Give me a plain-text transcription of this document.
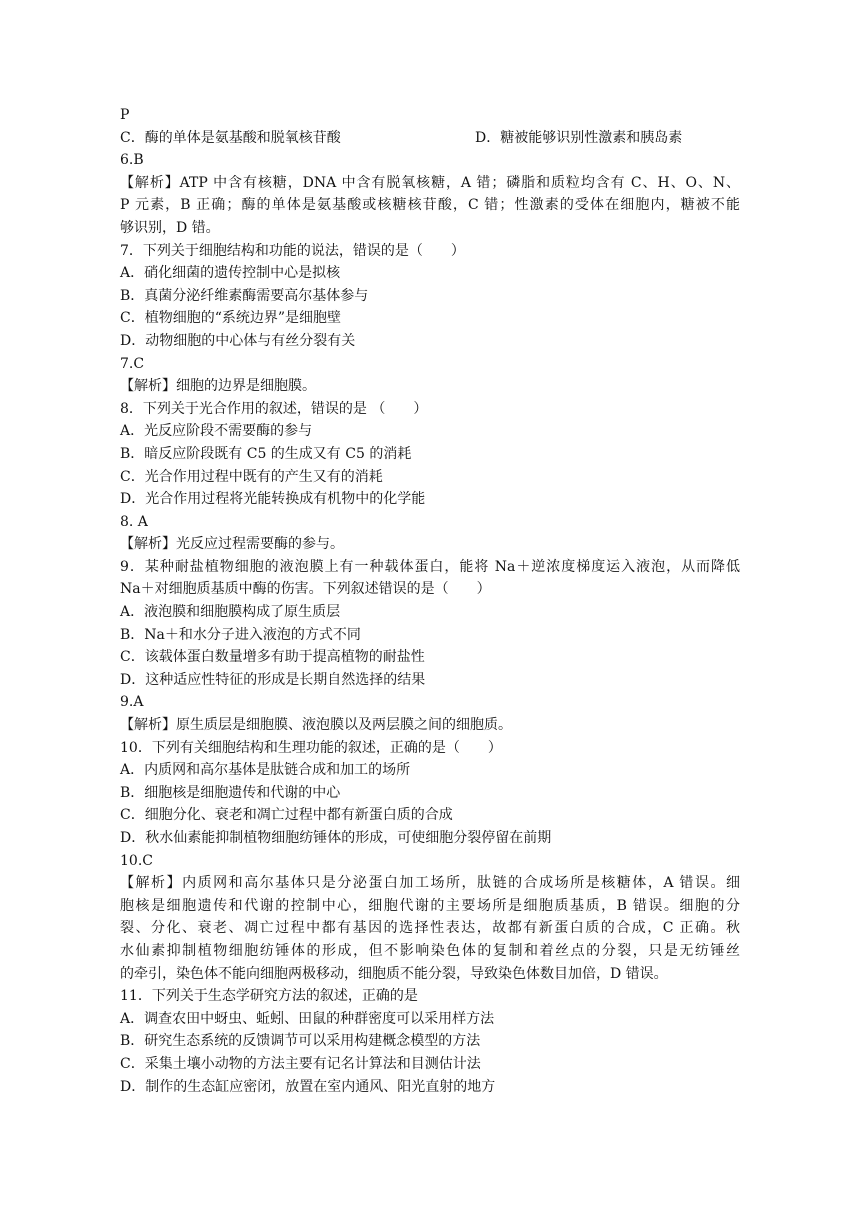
P
C．酶的单体是氨基酸和脱氧核苷酸	D．糖被能够识别性激素和胰岛素
6.B
【解析】ATP 中含有核糖，DNA 中含有脱氧核糖，A 错；磷脂和质粒均含有 C、H、O、N、
P 元素，B 正确；酶的单体是氨基酸或核糖核苷酸，C 错；性激素的受体在细胞内，糖被不能
够识别，D 错。
7．下列关于细胞结构和功能的说法，错误的是（　　）
A．硝化细菌的遗传控制中心是拟核
B．真菌分泌纤维素酶需要高尔基体参与
C．植物细胞的“系统边界”是细胞壁
D．动物细胞的中心体与有丝分裂有关
7.C
【解析】细胞的边界是细胞膜。
8．下列关于光合作用的叙述，错误的是 （　　）
A．光反应阶段不需要酶的参与
B．暗反应阶段既有 C5 的生成又有 C5 的消耗
C．光合作用过程中既有的产生又有的消耗
D．光合作用过程将光能转换成有机物中的化学能
8. A
【解析】光反应过程需要酶的参与。
9．某种耐盐植物细胞的液泡膜上有一种载体蛋白，能将 Na＋逆浓度梯度运入液泡，从而降低
Na＋对细胞质基质中酶的伤害。下列叙述错误的是（　　）
A．液泡膜和细胞膜构成了原生质层
B．Na＋和水分子进入液泡的方式不同
C．该载体蛋白数量增多有助于提高植物的耐盐性
D．这种适应性特征的形成是长期自然选择的结果
9.A
【解析】原生质层是细胞膜、液泡膜以及两层膜之间的细胞质。
10．下列有关细胞结构和生理功能的叙述，正确的是（　　）
A．内质网和高尔基体是肽链合成和加工的场所
B．细胞核是细胞遗传和代谢的中心
C．细胞分化、衰老和凋亡过程中都有新蛋白质的合成
D．秋水仙素能抑制植物细胞纺锤体的形成，可使细胞分裂停留在前期
10.C
【解析】内质网和高尔基体只是分泌蛋白加工场所，肽链的合成场所是核糖体，A 错误。细
胞核是细胞遗传和代谢的控制中心，细胞代谢的主要场所是细胞质基质，B 错误。细胞的分
裂、分化、衰老、凋亡过程中都有基因的选择性表达，故都有新蛋白质的合成，C 正确。秋
水仙素抑制植物细胞纺锤体的形成，但不影响染色体的复制和着丝点的分裂，只是无纺锤丝
的牵引，染色体不能向细胞两极移动，细胞质不能分裂，导致染色体数目加倍，D 错误。
11．下列关于生态学研究方法的叙述，正确的是
A．调查农田中蚜虫、蚯蚓、田鼠的种群密度可以采用样方法
B．研究生态系统的反馈调节可以采用构建概念模型的方法
C．采集土壤小动物的方法主要有记名计算法和目测估计法
D．制作的生态缸应密闭，放置在室内通风、阳光直射的地方
